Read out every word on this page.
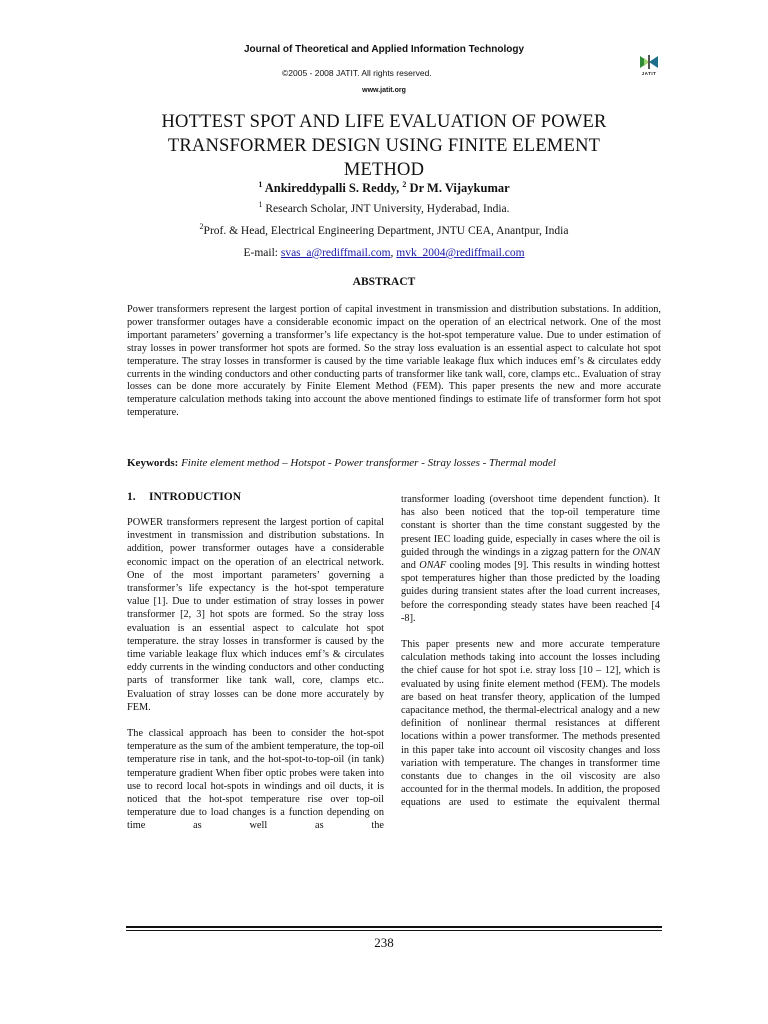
Journal of Theoretical and Applied Information Technology
©2005 - 2008 JATIT. All rights reserved.
www.jatit.org
JATIT
HOTTEST SPOT AND LIFE EVALUATION OF POWER TRANSFORMER DESIGN USING FINITE ELEMENT METHOD
$^1$ Ankireddypalli S. Reddy, $^2$ Dr M. Vijaykumar
$^1$ Research Scholar, JNT University, Hyderabad, India.
$^2$Prof. & Head, Electrical Engineering Department, JNTU CEA, Anantpur, India
E-mail: svas_a@rediffmail.com, mvk_2004@rediffmail.com
ABSTRACT
Power transformers represent the largest portion of capital investment in transmission and distribution substations. In addition, power transformer outages have a considerable economic impact on the operation of an electrical network. One of the most important parameters’ governing a transformer’s life expectancy is the hot-spot temperature value. Due to under estimation of stray losses in power transformer hot spots are formed. So the stray loss evaluation is an essential aspect to calculate hot spot temperature. The stray losses in transformer is caused by the time variable leakage flux which induces emf’s & circulates eddy currents in the winding conductors and other conducting parts of transformer like tank wall, core, clamps etc.. Evaluation of stray losses can be done more accurately by Finite Element Method (FEM). This paper presents the new and more accurate temperature calculation methods taking into account the above mentioned findings to estimate life of transformer form hot spot temperature.
Keywords: Finite element method – Hotspot - Power transformer - Stray losses - Thermal model
1. INTRODUCTION

POWER transformers represent the largest portion of capital investment in transmission and distribution substations. In addition, power transformer outages have a considerable economic impact on the operation of an electrical network. One of the most important parameters’ governing a transformer’s life expectancy is the hot-spot temperature value [1]. Due to under estimation of stray losses in power transformer [2, 3] hot spots are formed. So the stray loss evaluation is an essential aspect to calculate hot spot temperature. the stray losses in transformer is caused by the time variable leakage flux which induces emf’s & circulates eddy currents in the winding conductors and other conducting parts of transformer like tank wall, core, clamps etc.. Evaluation of stray losses can be done more accurately by FEM.

The classical approach has been to consider the hot-spot temperature as the sum of the ambient temperature, the top-oil temperature rise in tank, and the hot-spot-to-top-oil (in tank) temperature gradient When fiber optic probes were taken into use to record local hot-spots in windings and oil ducts, it is noticed that the hot-spot temperature rise over top-oil temperature due to load changes is a function depending on time as well as the

transformer loading (overshoot time dependent function). It has also been noticed that the top-oil temperature time constant is shorter than the time constant suggested by the present IEC loading guide, especially in cases where the oil is guided through the windings in a zigzag pattern for the ONAN and ONAF cooling modes [9]. This results in winding hottest spot temperatures higher than those predicted by the loading guides during transient states after the load current increases, before the corresponding steady states have been reached [4 -8].

This paper presents new and more accurate temperature calculation methods taking into account the losses including the chief cause for hot spot i.e. stray loss [10 – 12], which is evaluated by using finite element method (FEM). The models are based on heat transfer theory, application of the lumped capacitance method, the thermal-electrical analogy and a new definition of nonlinear thermal resistances at different locations within a power transformer. The methods presented in this paper take into account oil viscosity changes and loss variation with temperature. The changes in transformer time constants due to changes in the oil viscosity are also accounted for in the thermal models. In addition, the proposed equations are used to estimate the equivalent thermal

238
